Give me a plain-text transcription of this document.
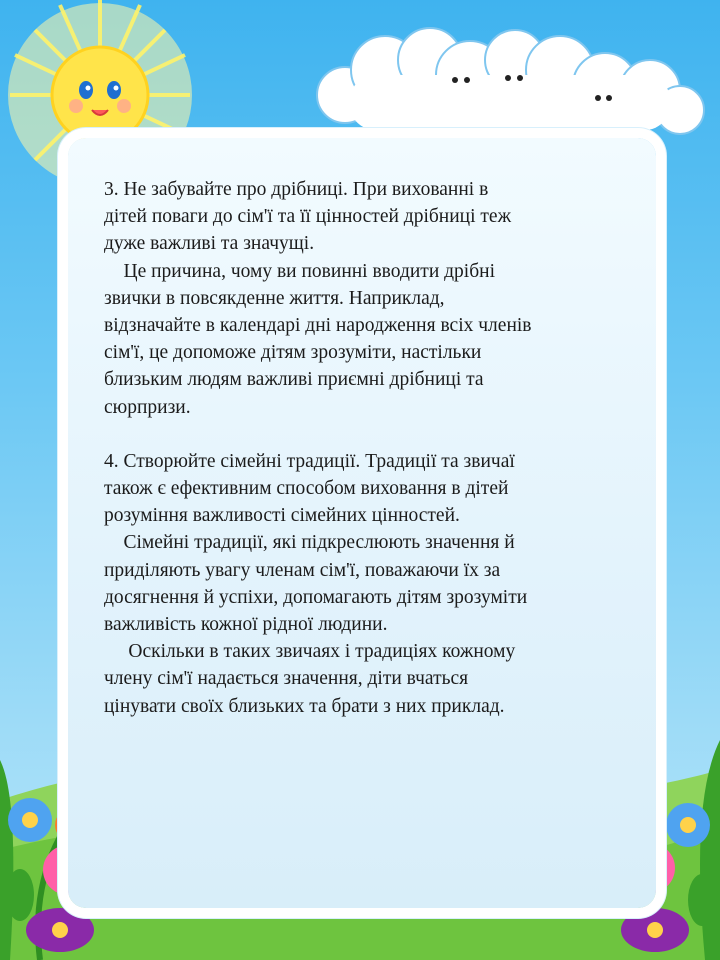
3. Не забувайте про дрібниці. При вихованні в

дітей поваги до сім'ї та її цінностей дрібниці теж

дуже важливі та значущі.

Це причина, чому ви повинні вводити дрібні

звички в повсякденне життя. Наприклад,

відзначайте в календарі дні народження всіх членів

сім'ї, це допоможе дітям зрозуміти, настільки

близьким людям важливі приємні дрібниці та

сюрпризи.

4. Створюйте сімейні традиції. Традиції та звичаї

також є ефективним способом виховання в дітей

розуміння важливості сімейних цінностей.

Сімейні традиції, які підкреслюють значення й

приділяють увагу членам сім'ї, поважаючи їх за

досягнення й успіхи, допомагають дітям зрозуміти

важливість кожної рідної людини.

Оскільки в таких звичаях і традиціях кожному

члену сім'ї надається значення, діти вчаться

цінувати своїх близьких та брати з них приклад.
